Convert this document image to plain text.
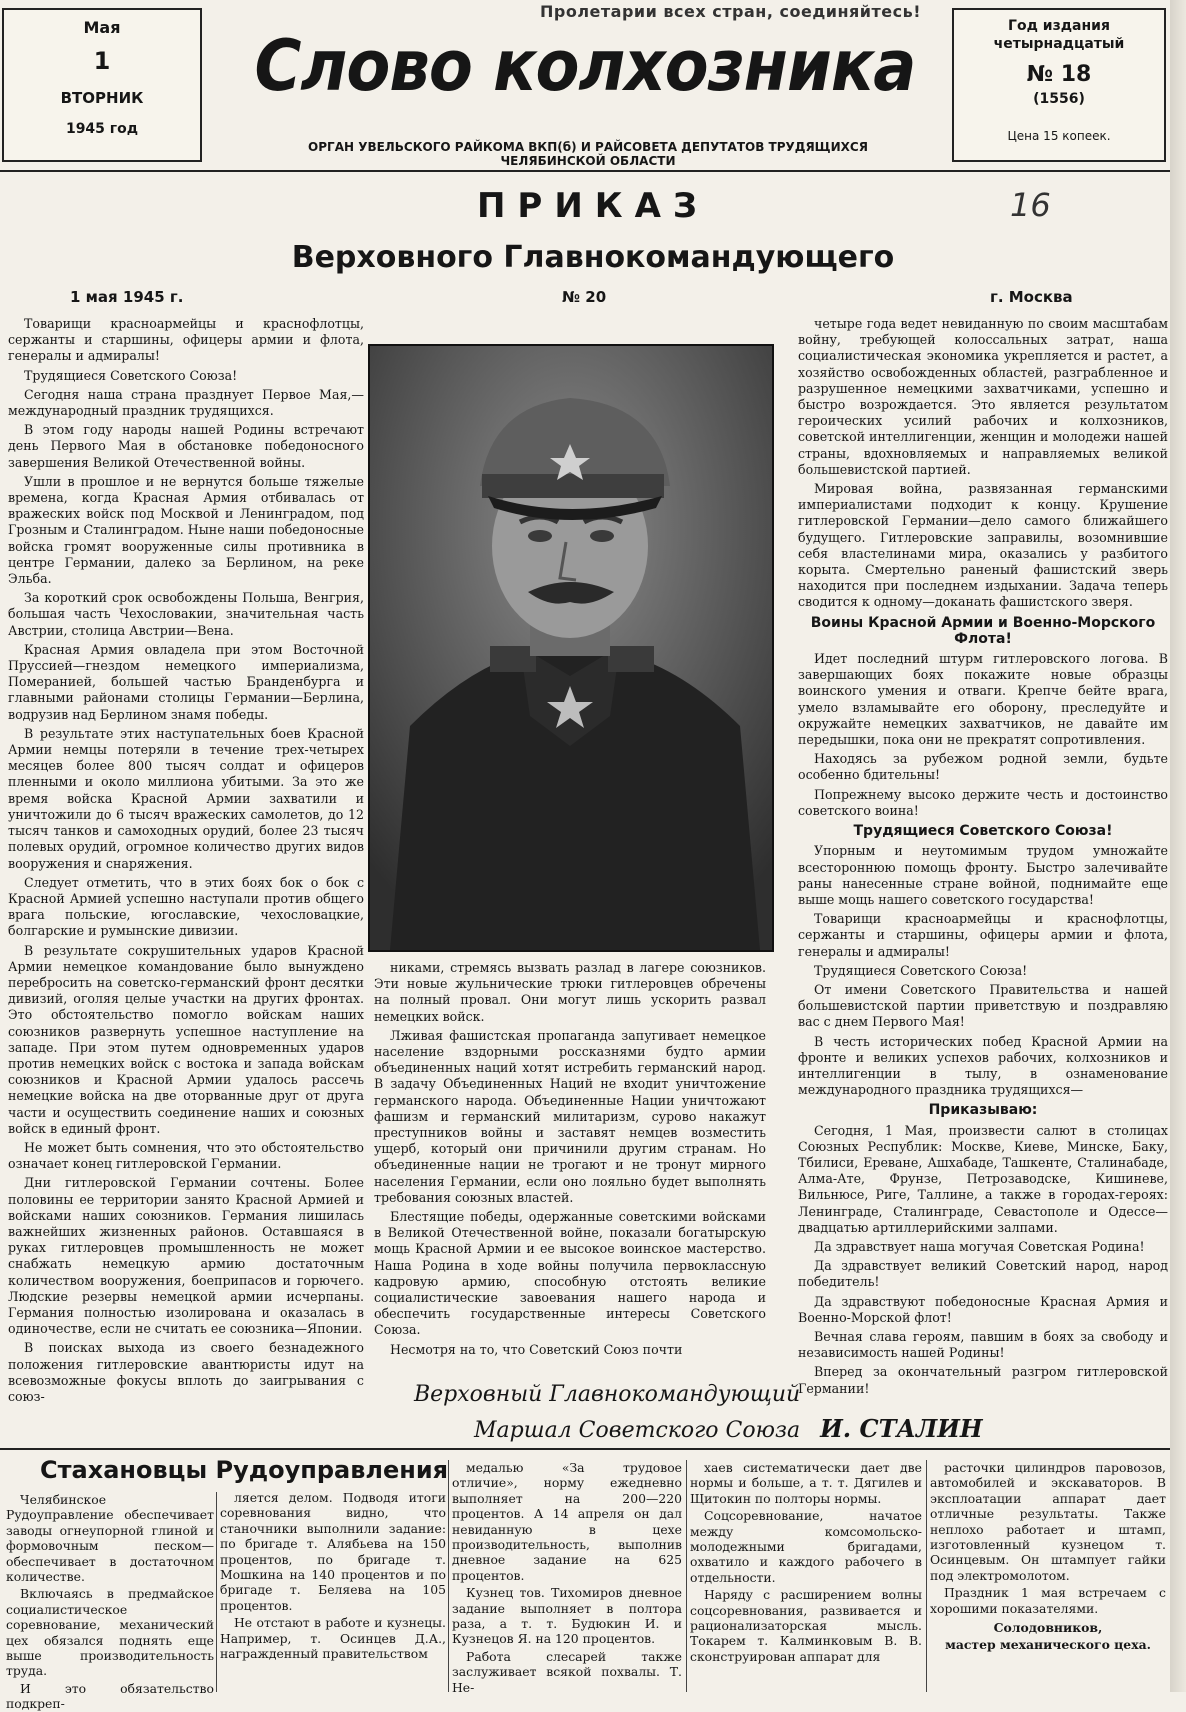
Мая
1
ВТОРНИК
1945 год
Пролетарии всех стран, соединяйтесь!
Слово колхозника
ОРГАН УВЕЛЬСКОГО РАЙКОМА ВКП(б) И РАЙСОВЕТА ДЕПУТАТОВ ТРУДЯЩИХСЯ ЧЕЛЯБИНСКОЙ ОБЛАСТИ
Год издания
четырнадцатый
№ 18
(1556)
Цена 15 копеек.
ПРИКАЗ	16
Верховного Главнокомандующего
1 мая 1945 г.	№ 20	г. Москва

Товарищи красноармейцы и краснофлотцы, сержанты и старшины, офицеры армии и флота, генералы и адмиралы!

Трудящиеся Советского Союза!

Сегодня наша страна празднует Первое Мая,—международный праздник трудящихся.

В этом году народы нашей Родины встречают день Первого Мая в обстановке победоносного завершения Великой Отечественной войны.

Ушли в прошлое и не вернутся больше тяжелые времена, когда Красная Армия отбивалась от вражеских войск под Москвой и Ленинградом, под Грозным и Сталинградом. Ныне наши победоносные войска громят вооруженные силы противника в центре Германии, далеко за Берлином, на реке Эльба.

За короткий срок освобождены Польша, Венгрия, большая часть Чехословакии, значительная часть Австрии, столица Австрии—Вена.

Красная Армия овладела при этом Восточной Пруссией—гнездом немецкого империализма, Померанией, большей частью Бранденбурга и главными районами столицы Германии—Берлина, водрузив над Берлином знамя победы.

В результате этих наступательных боев Красной Армии немцы потеряли в течение трех-четырех месяцев более 800 тысяч солдат и офицеров пленными и около миллиона убитыми. За это же время войска Красной Армии захватили и уничтожили до 6 тысяч вражеских самолетов, до 12 тысяч танков и самоходных орудий, более 23 тысяч полевых орудий, огромное количество других видов вооружения и снаряжения.

Следует отметить, что в этих боях бок о бок с Красной Армией успешно наступали против общего врага польские, югославские, чехословацкие, болгарские и румынские дивизии.

В результате сокрушительных ударов Красной Армии немецкое командование было вынуждено перебросить на советско-германский фронт десятки дивизий, оголяя целые участки на других фронтах. Это обстоятельство помогло войскам наших союзников развернуть успешное наступление на западе. При этом путем одновременных ударов против немецких войск с востока и запада войскам союзников и Красной Армии удалось рассечь немецкие войска на две оторванные друг от друга части и осуществить соединение наших и союзных войск в единый фронт.

Не может быть сомнения, что это обстоятельство означает конец гитлеровской Германии.

Дни гитлеровской Германии сочтены. Более половины ее территории занято Красной Армией и войсками наших союзников. Германия лишилась важнейших жизненных районов. Оставшаяся в руках гитлеровцев промышленность не может снабжать немецкую армию достаточным количеством вооружения, боеприпасов и горючего. Людские резервы немецкой армии исчерпаны. Германия полностью изолирована и оказалась в одиночестве, если не считать ее союзника—Японии.

В поисках выхода из своего безнадежного положения гитлеровские авантюристы идут на всевозможные фокусы вплоть до заигрывания с союз-

никами, стремясь вызвать разлад в лагере союзников. Эти новые жульнические трюки гитлеровцев обречены на полный провал. Они могут лишь ускорить развал немецких войск.

Лживая фашистская пропаганда запугивает немецкое население вздорными россказнями будто армии объединенных наций хотят истребить германский народ. В задачу Объединенных Наций не входит уничтожение германского народа. Объединенные Нации уничтожают фашизм и германский милитаризм, сурово накажут преступников войны и заставят немцев возместить ущерб, который они причинили другим странам. Но объединенные нации не трогают и не тронут мирного населения Германии, если оно лояльно будет выполнять требования союзных властей.

Блестящие победы, одержанные советскими войсками в Великой Отечественной войне, показали богатырскую мощь Красной Армии и ее высокое воинское мастерство. Наша Родина в ходе войны получила первоклассную кадровую армию, способную отстоять великие социалистические завоевания нашего народа и обеспечить государственные интересы Советского Союза.

Несмотря на то, что Советский Союз почти

четыре года ведет невиданную по своим масштабам войну, требующей колоссальных затрат, наша социалистическая экономика укрепляется и растет, а хозяйство освобожденных областей, разграбленное и разрушенное немецкими захватчиками, успешно и быстро возрождается. Это является результатом героических усилий рабочих и колхозников, советской интеллигенции, женщин и молодежи нашей страны, вдохновляемых и направляемых великой большевистской партией.

Мировая война, развязанная германскими империалистами подходит к концу. Крушение гитлеровской Германии—дело самого ближайшего будущего. Гитлеровские заправилы, возомнившие себя властелинами мира, оказались у разбитого корыта. Смертельно раненый фашистский зверь находится при последнем издыхании. Задача теперь сводится к одному—доканать фашистского зверя.

Воины Красной Армии и Военно-Морского Флота!

Идет последний штурм гитлеровского логова. В завершающих боях покажите новые образцы воинского умения и отваги. Крепче бейте врага, умело взламывайте его оборону, преследуйте и окружайте немецких захватчиков, не давайте им передышки, пока они не прекратят сопротивления.

Находясь за рубежом родной земли, будьте особенно бдительны!

Попрежнему высоко держите честь и достоинство советского воина!

Трудящиеся Советского Союза!

Упорным и неутомимым трудом умножайте всестороннюю помощь фронту. Быстро залечивайте раны нанесенные стране войной, поднимайте еще выше мощь нашего советского государства!

Товарищи красноармейцы и краснофлотцы, сержанты и старшины, офицеры армии и флота, генералы и адмиралы!

Трудящиеся Советского Союза!

От имени Советского Правительства и нашей большевистской партии приветствую и поздравляю вас с днем Первого Мая!

В честь исторических побед Красной Армии на фронте и великих успехов рабочих, колхозников и интеллигенции в тылу, в ознаменование международного праздника трудящихся—

Приказываю:

Сегодня, 1 Мая, произвести салют в столицах Союзных Республик: Москве, Киеве, Минске, Баку, Тбилиси, Ереване, Ашхабаде, Ташкенте, Сталинабаде, Алма-Ате, Фрунзе, Петрозаводске, Кишиневе, Вильнюсе, Риге, Таллине, а также в городах-героях: Ленинграде, Сталинграде, Севастополе и Одессе—двадцатью артиллерийскими залпами.

Да здравствует наша могучая Советская Родина!

Да здравствует великий Советский народ, народ победитель!

Да здравствуют победоносные Красная Армия и Военно-Морской флот!

Вечная слава героям, павшим в боях за свободу и независимость нашей Родины!

Вперед за окончательный разгром гитлеровской Германии!

Верховный Главнокомандующий
Маршал Советского Союза И. СТАЛИН
Стахановцы Рудоуправления

Челябинское Рудоуправление обеспечивает заводы огнеупорной глиной и формовочным песком—обеспечивает в достаточном количестве.

Включаясь в предмайское социалистическое соревнование, механический цех обязался поднять еще выше производительность труда.

И это обязательство подкреп-

ляется делом. Подводя итоги соревнования видно, что станочники выполнили задание: по бригаде т. Алябьева на 150 процентов, по бригаде т. Мошкина на 140 процентов и по бригаде т. Беляева на 105 процентов.

Не отстают в работе и кузнецы. Например, т. Осинцев Д.А., награжденный правительством

медалью «За трудовое отличие», норму ежедневно выполняет на 200—220 процентов. А 14 апреля он дал невиданную в цехе производительность, выполнив дневное задание на 625 процентов.

Кузнец тов. Тихомиров дневное задание выполняет в полтора раза, а т. т. Будюкин И. и Кузнецов Я. на 120 процентов.

Работа слесарей также заслуживает всякой похвалы. Т. Не-

хаев систематически дает две нормы и больше, а т. т. Дягилев и Щитокин по полторы нормы.

Соцсоревнование, начатое между комсомольско-молодежными бригадами, охватило и каждого рабочего в отдельности.

Наряду с расширением волны соцсоревнования, развивается и рационализаторская мысль. Токарем т. Калминковым В. В. сконструирован аппарат для

расточки цилиндров паровозов, автомобилей и экскаваторов. В эксплоатации аппарат дает отличные результаты. Также неплохо работает и штамп, изготовленный кузнецом т. Осинцевым. Он штампует гайки под электромолотом.

Праздник 1 мая встречаем с хорошими показателями.

Солодовников,

мастер механического цеха.
